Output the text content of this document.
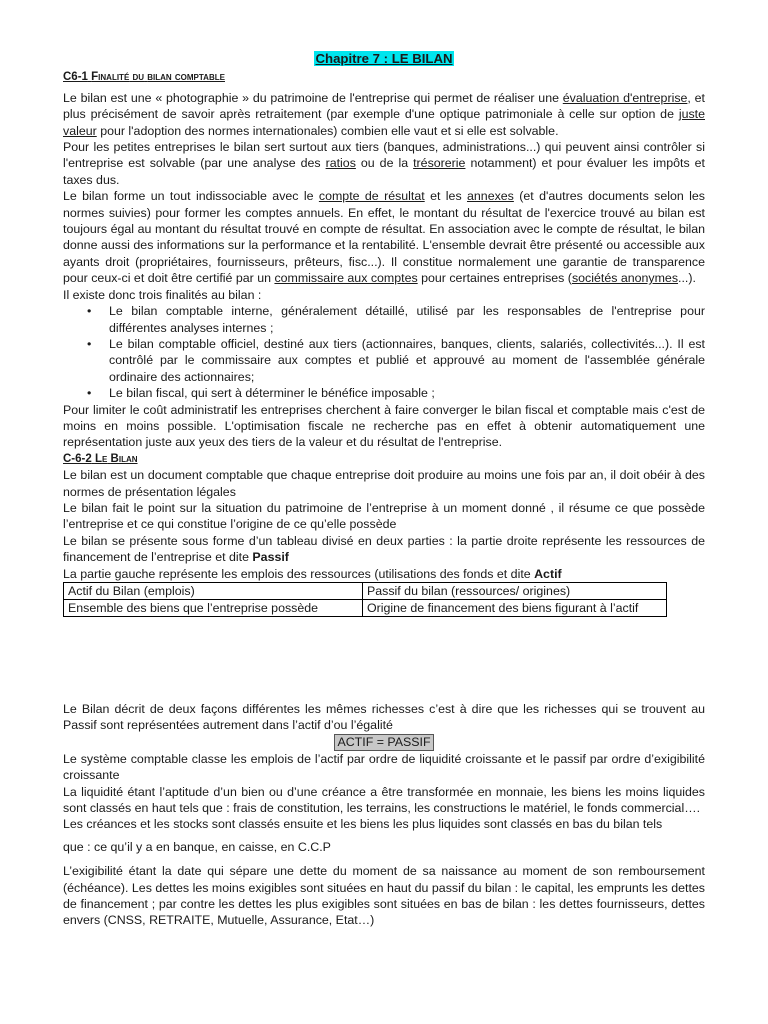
Chapitre 7 : LE BILAN
C6-1 Finalité du bilan comptable

Le bilan est une « photographie » du patrimoine de l'entreprise qui permet de réaliser une évaluation d'entreprise, et plus précisément de savoir après retraitement (par exemple d'une optique patrimoniale à celle sur option de juste valeur pour l'adoption des normes internationales) combien elle vaut et si elle est solvable.

Pour les petites entreprises le bilan sert surtout aux tiers (banques, administrations...) qui peuvent ainsi contrôler si l'entreprise est solvable (par une analyse des ratios ou de la trésorerie notamment) et pour évaluer les impôts et taxes dus.

Le bilan forme un tout indissociable avec le compte de résultat et les annexes (et d'autres documents selon les normes suivies) pour former les comptes annuels. En effet, le montant du résultat de l'exercice trouvé au bilan est toujours égal au montant du résultat trouvé en compte de résultat. En association avec le compte de résultat, le bilan donne aussi des informations sur la performance et la rentabilité. L'ensemble devrait être présenté ou accessible aux ayants droit (propriétaires, fournisseurs, prêteurs, fisc...). Il constitue normalement une garantie de transparence pour ceux-ci et doit être certifié par un commissaire aux comptes pour certaines entreprises (sociétés anonymes...).

Il existe donc trois finalités au bilan :

• Le bilan comptable interne, généralement détaillé, utilisé par les responsables de l'entreprise pour différentes analyses internes ;
• Le bilan comptable officiel, destiné aux tiers (actionnaires, banques, clients, salariés, collectivités...). Il est contrôlé par le commissaire aux comptes et publié et approuvé au moment de l'assemblée générale ordinaire des actionnaires;
• Le bilan fiscal, qui sert à déterminer le bénéfice imposable ;

Pour limiter le coût administratif les entreprises cherchent à faire converger le bilan fiscal et comptable mais c'est de moins en moins possible. L'optimisation fiscale ne recherche pas en effet à obtenir automatiquement une représentation juste aux yeux des tiers de la valeur et du résultat de l'entreprise.

C-6-2 Le Bilan

Le bilan est un document comptable que chaque entreprise doit produire au moins une fois par an, il doit obéir à des normes de présentation légales

Le bilan fait le point sur la situation du patrimoine de l’entreprise à un moment donné , il résume ce que possède l’entreprise et ce qui constitue l’origine de ce qu’elle possède

Le bilan se présente sous forme d’un tableau divisé en deux parties : la partie droite représente les ressources de financement de l’entreprise et dite Passif

La partie gauche représente les emplois des ressources (utilisations des fonds et dite Actif

Actif du Bilan (emplois)	Passif du bilan (ressources/ origines)
Ensemble des biens que l’entreprise possède	Origine de financement des biens figurant à l’actif

Le Bilan décrit de deux façons différentes les mêmes richesses c’est à dire que les richesses qui se trouvent au Passif sont représentées autrement dans l’actif d’ou l’égalité

ACTIF = PASSIF

Le système comptable classe les emplois de l’actif par ordre de liquidité croissante et le passif par ordre d’exigibilité croissante

La liquidité étant l’aptitude d’un bien ou d’une créance a être transformée en monnaie, les biens les moins liquides sont classés en haut tels que : frais de constitution, les terrains, les constructions le matériel, le fonds commercial….

Les créances et les stocks sont classés ensuite et les biens les plus liquides sont classés en bas du bilan tels

que : ce qu’il y a en banque, en caisse, en C.C.P

L’exigibilité étant la date qui sépare une dette du moment de sa naissance au moment de son remboursement (échéance). Les dettes les moins exigibles sont situées en haut du passif du bilan : le capital, les emprunts les dettes de financement ; par contre les dettes les plus exigibles sont situées en bas de bilan : les dettes fournisseurs, dettes envers (CNSS, RETRAITE, Mutuelle, Assurance, Etat…)
